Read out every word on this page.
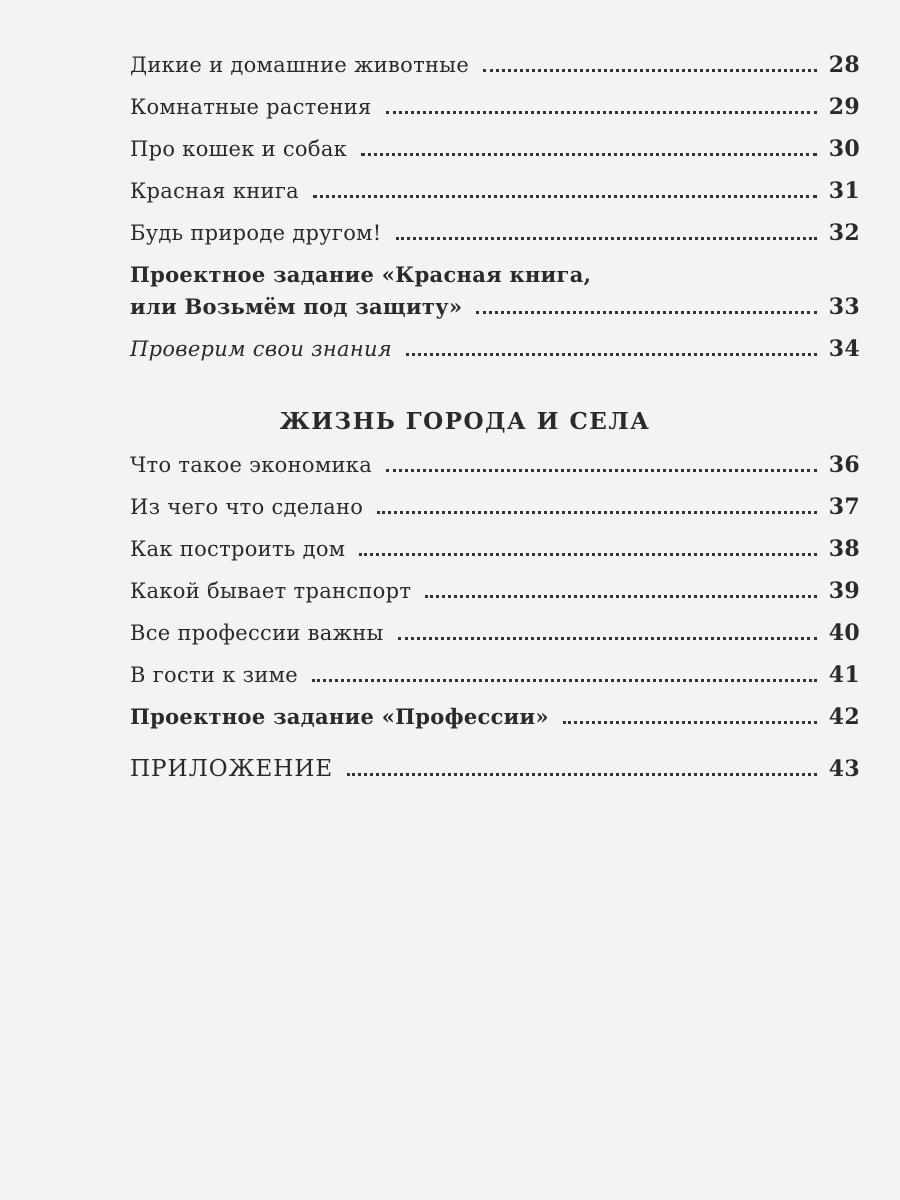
Дикие и домашние животные	28
Комнатные растения	29
Про кошек и собак	30
Красная книга	31
Будь природе другом!	32
Проектное задание «Красная книга,
или Возьмём под защиту»	33
Проверим свои знания	34
ЖИЗНЬ ГОРОДА И СЕЛА
Что такое экономика	36
Из чего что сделано	37
Как построить дом	38
Какой бывает транспорт	39
Все профессии важны	40
В гости к зиме	41
Проектное задание «Профессии»	42
ПРИЛОЖЕНИЕ	43
